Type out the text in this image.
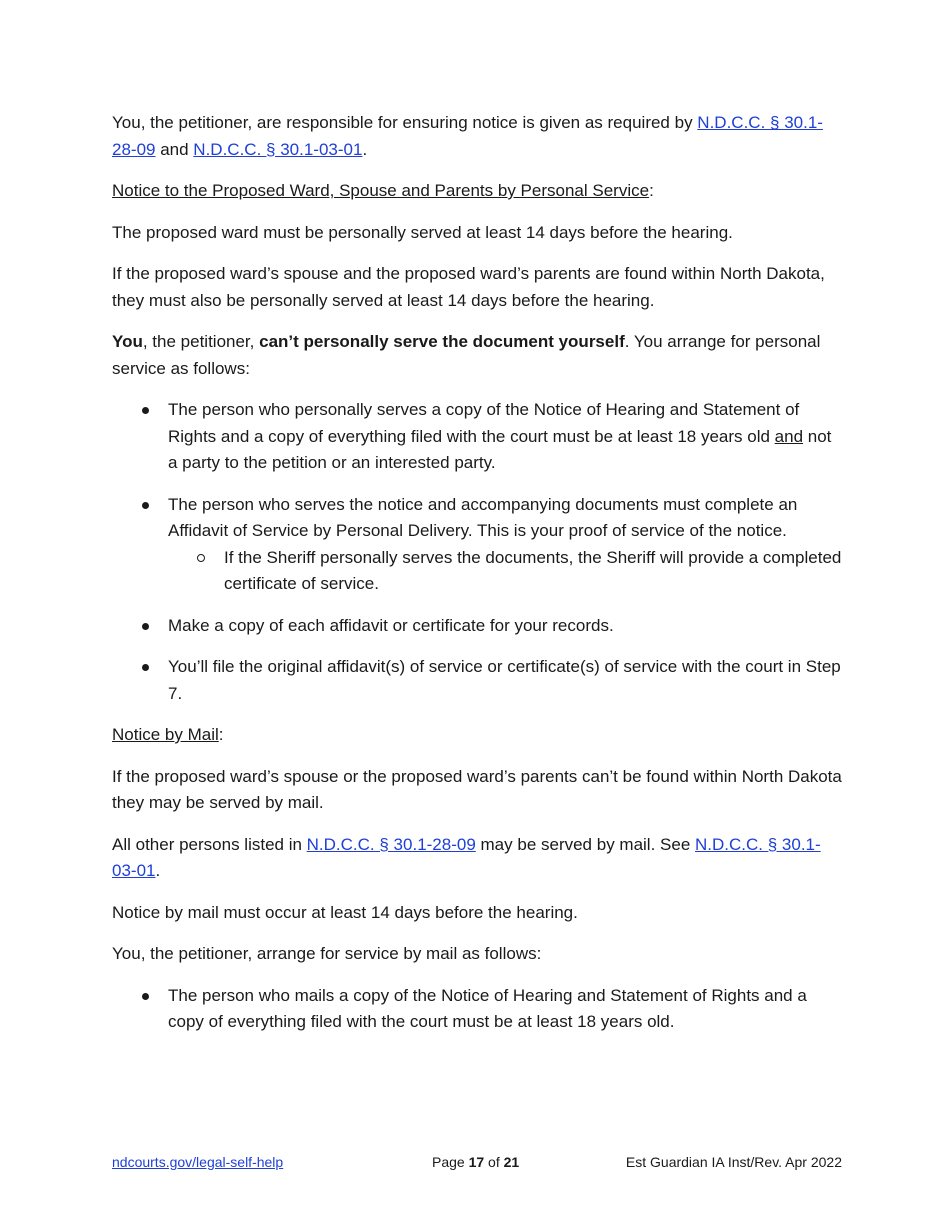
You, the petitioner, are responsible for ensuring notice is given as required by N.D.C.C. § 30.1-28-09 and N.D.C.C. § 30.1-03-01.

Notice to the Proposed Ward, Spouse and Parents by Personal Service:

The proposed ward must be personally served at least 14 days before the hearing.

If the proposed ward’s spouse and the proposed ward’s parents are found within North Dakota, they must also be personally served at least 14 days before the hearing.

You, the petitioner, can’t personally serve the document yourself. You arrange for personal service as follows:

The person who personally serves a copy of the Notice of Hearing and Statement of Rights and a copy of everything filed with the court must be at least 18 years old and not a party to the petition or an interested party.
The person who serves the notice and accompanying documents must complete an Affidavit of Service by Personal Delivery. This is your proof of service of the notice.
If the Sheriff personally serves the documents, the Sheriff will provide a completed certificate of service.
Make a copy of each affidavit or certificate for your records.
You’ll file the original affidavit(s) of service or certificate(s) of service with the court in Step 7.

Notice by Mail:

If the proposed ward’s spouse or the proposed ward’s parents can’t be found within North Dakota they may be served by mail.

All other persons listed in N.D.C.C. § 30.1-28-09 may be served by mail. See N.D.C.C. § 30.1-03-01.

Notice by mail must occur at least 14 days before the hearing.

You, the petitioner, arrange for service by mail as follows:

The person who mails a copy of the Notice of Hearing and Statement of Rights and a copy of everything filed with the court must be at least 18 years old.
ndcourts.gov/legal-self-help	Page 17 of 21	Est Guardian IA Inst/Rev. Apr 2022
